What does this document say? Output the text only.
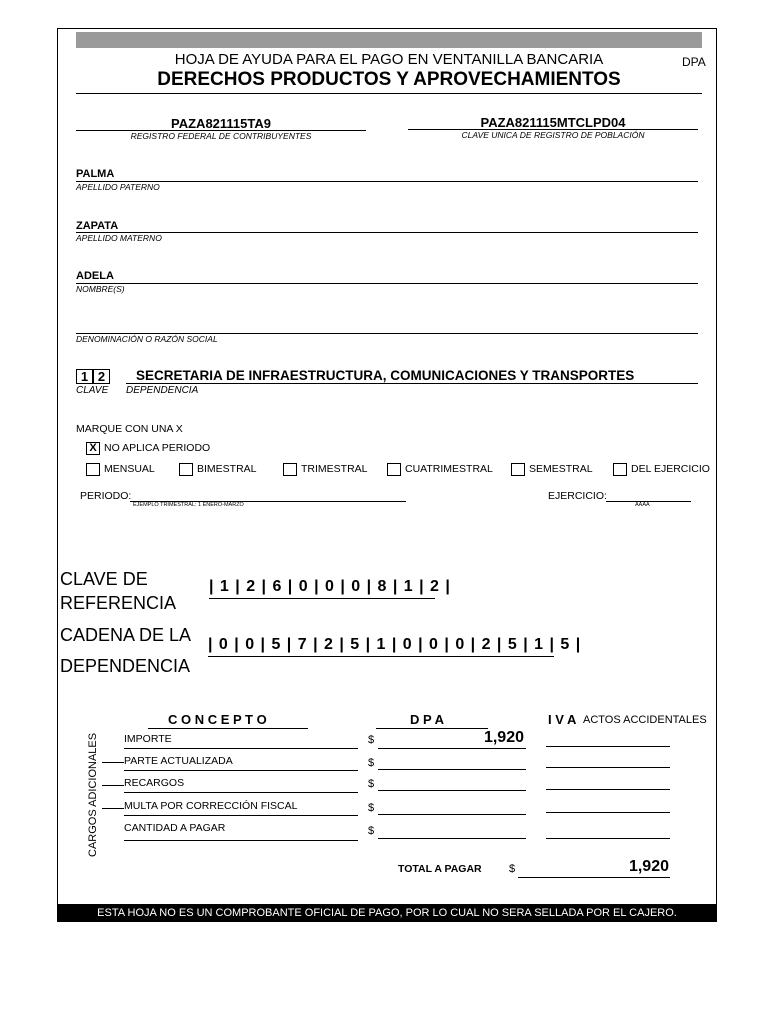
HOJA DE AYUDA PARA EL PAGO EN VENTANILLA BANCARIA
DERECHOS PRODUCTOS Y APROVECHAMIENTOS
DPA
PAZA821115TA9
REGISTRO FEDERAL DE CONTRIBUYENTES
PAZA821115MTCLPD04
CLAVE UNICA DE REGISTRO DE POBLACIÓN
PALMA
APELLIDO PATERNO
ZAPATA
APELLIDO MATERNO
ADELA
NOMBRE(S)
DENOMINACIÓN O RAZÓN SOCIAL
1 2	SECRETARIA DE INFRAESTRUCTURA, COMUNICACIONES Y TRANSPORTES
CLAVE DEPENDENCIA
MARQUE CON UNA X
X NO APLICA PERIODO
MENSUAL	BIMESTRAL	TRIMESTRAL	CUATRIMESTRAL	SEMESTRAL	DEL EJERCICIO
PERIODO:
EJEMPLO TRIMESTRAL: 1 ENERO-MARZO
EJERCICIO:
AAAA
CLAVE DE
REFERENCIA
| 1 | 2 | 6 | 0 | 0 | 0 | 8 | 1 | 2 |
CADENA DE LA
DEPENDENCIA
| 0 | 0 | 5 | 7 | 2 | 5 | 1 | 0 | 0 | 0 | 2 | 5 | 1 | 5 |
C O N C E P T O	D P A	I V A ACTOS ACCIDENTALES
CARGOS ADICIONALES IMPORTE	$	1,920
PARTE ACTUALIZADA	$
RECARGOS	$
MULTA POR CORRECCIÓN FISCAL	$
CANTIDAD A PAGAR	$
TOTAL A PAGAR $	1,920
ESTA HOJA NO ES UN COMPROBANTE OFICIAL DE PAGO, POR LO CUAL NO SERA SELLADA POR EL CAJERO.
